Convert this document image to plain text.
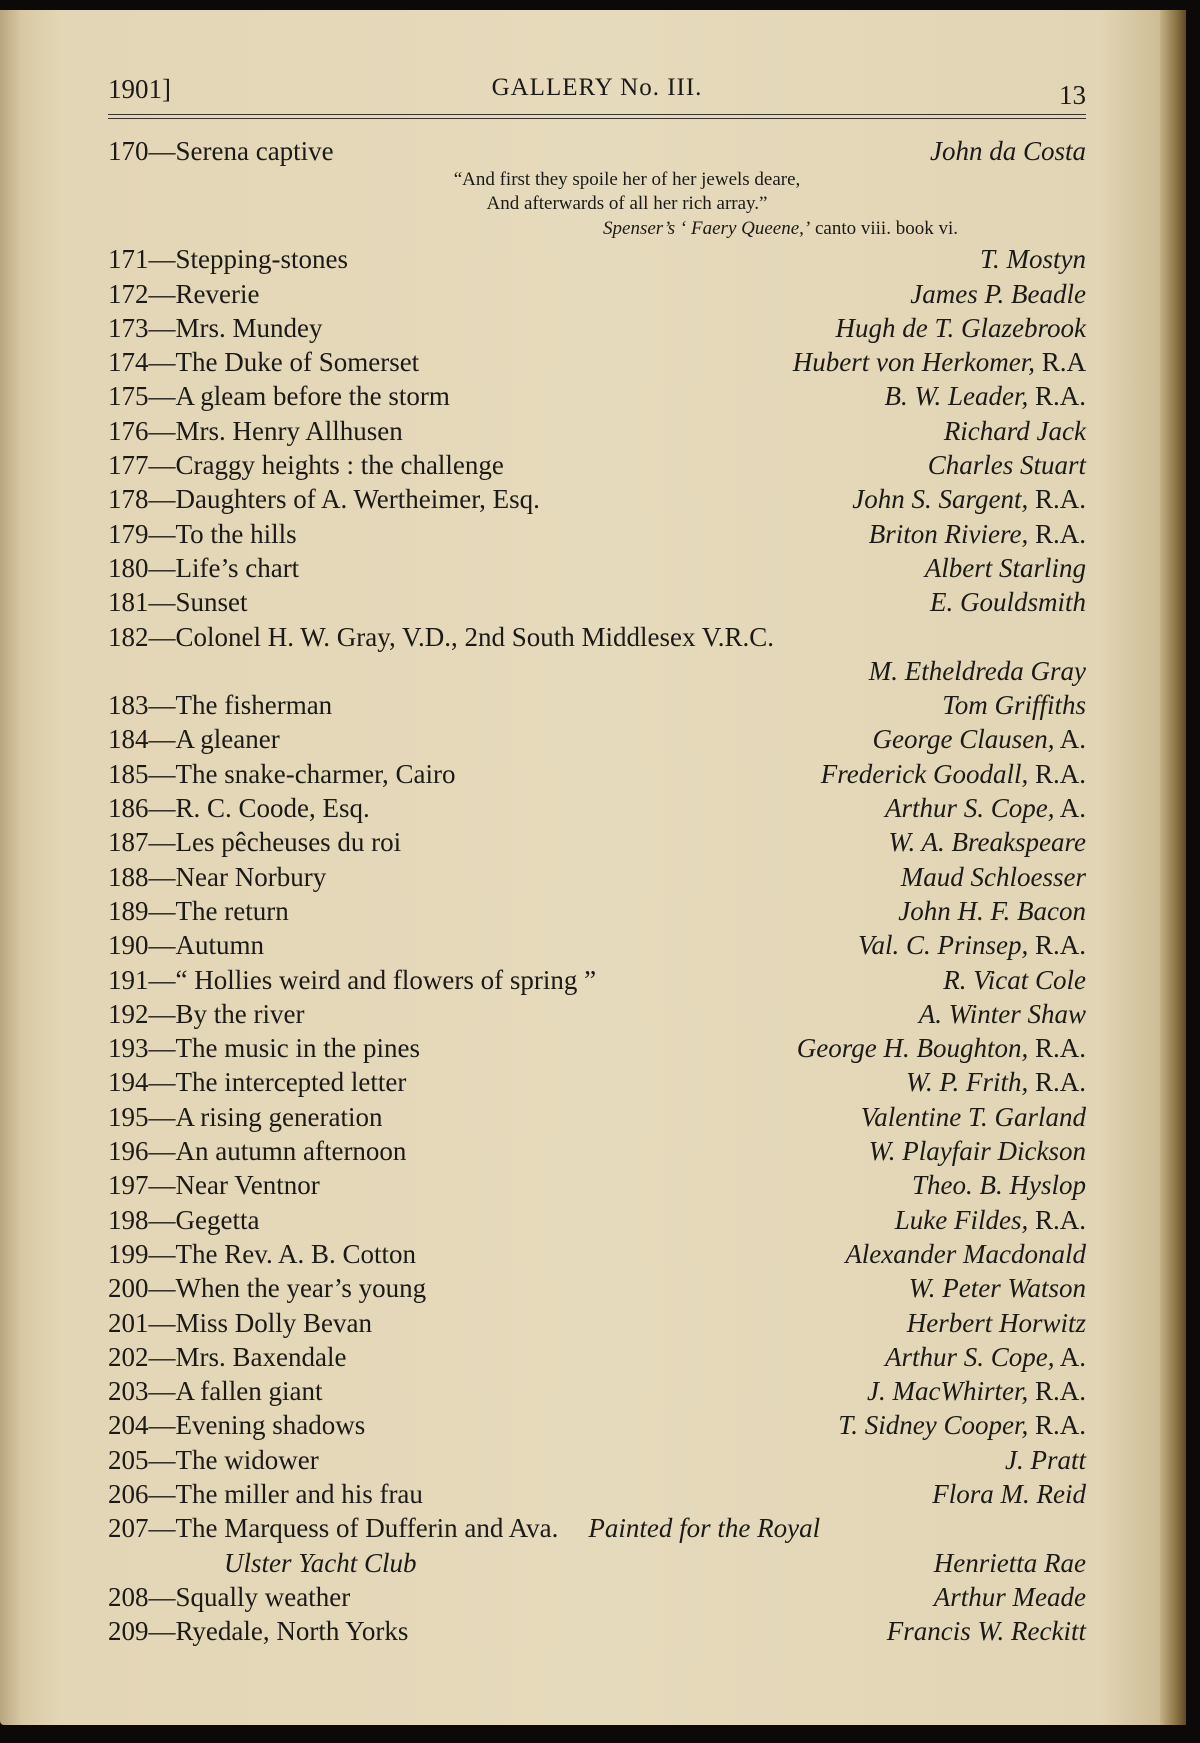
1901]	GALLERY No. III.	13
170—Serena captive	John da Costa
“And first they spoile her of her jewels deare,
And afterwards of all her rich array.”
Spenser’s ‘ Faery Queene,’ canto viii. book vi.
171—Stepping-stones	T. Mostyn
172—Reverie	James P. Beadle
173—Mrs. Mundey	Hugh de T. Glazebrook
174—The Duke of Somerset	Hubert von Herkomer, R.A
175—A gleam before the storm	B. W. Leader, R.A.
176—Mrs. Henry Allhusen	Richard Jack
177—Craggy heights : the challenge	Charles Stuart
178—Daughters of A. Wertheimer, Esq.	John S. Sargent, R.A.
179—To the hills	Briton Riviere, R.A.
180—Life’s chart	Albert Starling
181—Sunset	E. Gouldsmith
182—Colonel H. W. Gray, V.D., 2nd South Middlesex V.R.C.
M. Etheldreda Gray
183—The fisherman	Tom Griffiths
184—A gleaner	George Clausen, A.
185—The snake-charmer, Cairo	Frederick Goodall, R.A.
186—R. C. Coode, Esq.	Arthur S. Cope, A.
187—Les pêcheuses du roi	W. A. Breakspeare
188—Near Norbury	Maud Schloesser
189—The return	John H. F. Bacon
190—Autumn	Val. C. Prinsep, R.A.
191—“ Hollies weird and flowers of spring ”	R. Vicat Cole
192—By the river	A. Winter Shaw
193—The music in the pines	George H. Boughton, R.A.
194—The intercepted letter	W. P. Frith, R.A.
195—A rising generation	Valentine T. Garland
196—An autumn afternoon	W. Playfair Dickson
197—Near Ventnor	Theo. B. Hyslop
198—Gegetta	Luke Fildes, R.A.
199—The Rev. A. B. Cotton	Alexander Macdonald
200—When the year’s young	W. Peter Watson
201—Miss Dolly Bevan	Herbert Horwitz
202—Mrs. Baxendale	Arthur S. Cope, A.
203—A fallen giant	J. MacWhirter, R.A.
204—Evening shadows	T. Sidney Cooper, R.A.
205—The widower	J. Pratt
206—The miller and his frau	Flora M. Reid
207—The Marquess of Dufferin and Ava. Painted for the Royal
Ulster Yacht Club	Henrietta Rae
208—Squally weather	Arthur Meade
209—Ryedale, North Yorks	Francis W. Reckitt
